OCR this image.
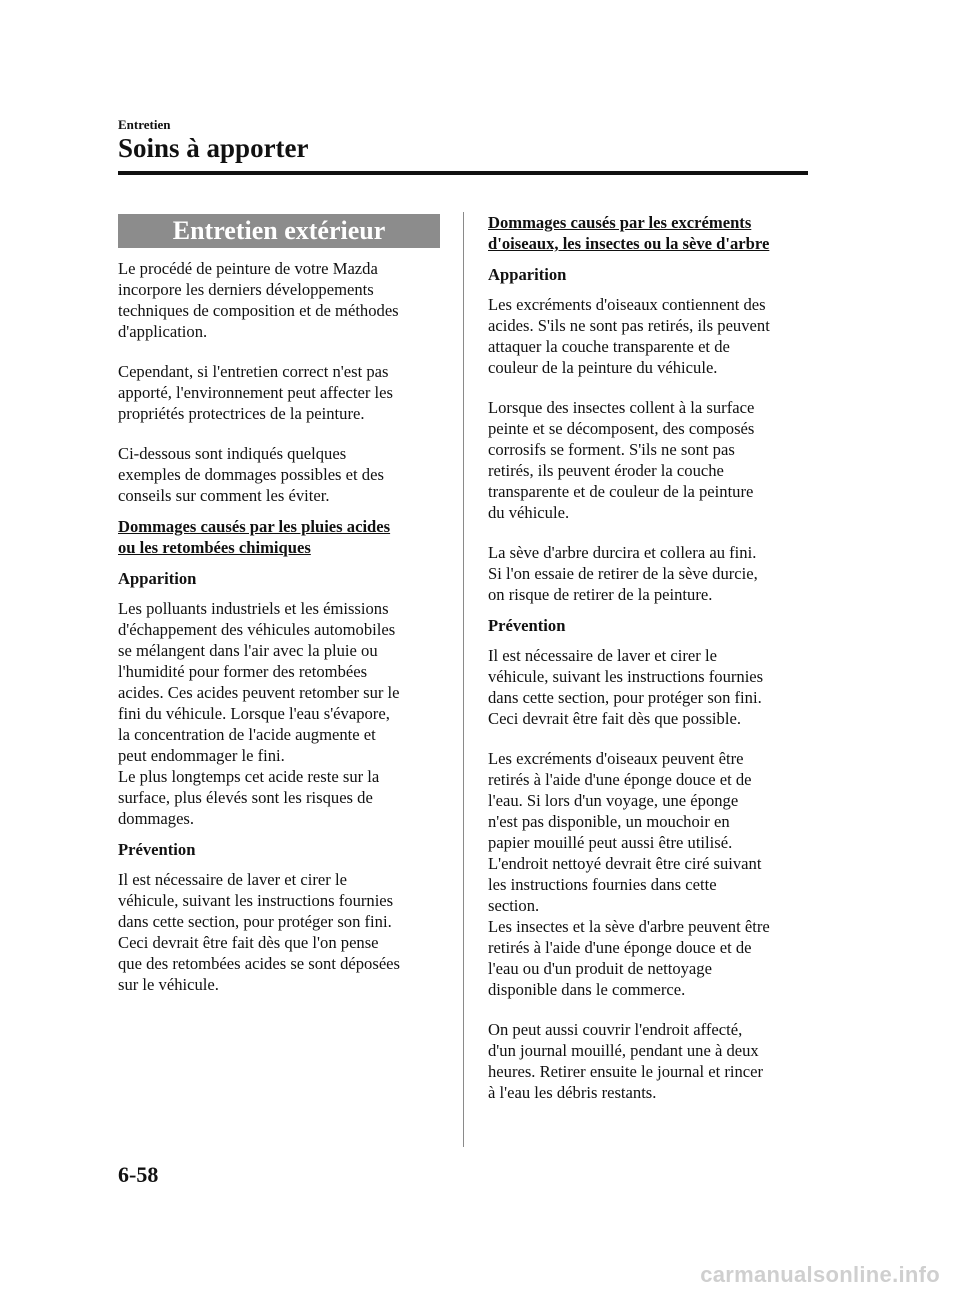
Entretien
Soins à apporter
Entretien extérieur

Le procédé de peinture de votre Mazda
incorpore les derniers développements
techniques de composition et de méthodes
d'application.

Cependant, si l'entretien correct n'est pas
apporté, l'environnement peut affecter les
propriétés protectrices de la peinture.

Ci-dessous sont indiqués quelques
exemples de dommages possibles et des
conseils sur comment les éviter.

Dommages causés par les pluies acides
ou les retombées chimiques
Apparition

Les polluants industriels et les émissions
d'échappement des véhicules automobiles
se mélangent dans l'air avec la pluie ou
l'humidité pour former des retombées
acides. Ces acides peuvent retomber sur le
fini du véhicule. Lorsque l'eau s'évapore,
la concentration de l'acide augmente et
peut endommager le fini.
Le plus longtemps cet acide reste sur la
surface, plus élevés sont les risques de
dommages.

Prévention

Il est nécessaire de laver et cirer le
véhicule, suivant les instructions fournies
dans cette section, pour protéger son fini.
Ceci devrait être fait dès que l'on pense
que des retombées acides se sont déposées
sur le véhicule.

Dommages causés par les excréments
d'oiseaux, les insectes ou la sève d'arbre
Apparition

Les excréments d'oiseaux contiennent des
acides. S'ils ne sont pas retirés, ils peuvent
attaquer la couche transparente et de
couleur de la peinture du véhicule.

Lorsque des insectes collent à la surface
peinte et se décomposent, des composés
corrosifs se forment. S'ils ne sont pas
retirés, ils peuvent éroder la couche
transparente et de couleur de la peinture
du véhicule.

La sève d'arbre durcira et collera au fini.
Si l'on essaie de retirer de la sève durcie,
on risque de retirer de la peinture.

Prévention

Il est nécessaire de laver et cirer le
véhicule, suivant les instructions fournies
dans cette section, pour protéger son fini.
Ceci devrait être fait dès que possible.

Les excréments d'oiseaux peuvent être
retirés à l'aide d'une éponge douce et de
l'eau. Si lors d'un voyage, une éponge
n'est pas disponible, un mouchoir en
papier mouillé peut aussi être utilisé.
L'endroit nettoyé devrait être ciré suivant
les instructions fournies dans cette
section.
Les insectes et la sève d'arbre peuvent être
retirés à l'aide d'une éponge douce et de
l'eau ou d'un produit de nettoyage
disponible dans le commerce.

On peut aussi couvrir l'endroit affecté,
d'un journal mouillé, pendant une à deux
heures. Retirer ensuite le journal et rincer
à l'eau les débris restants.

6-58
carmanualsonline.info
